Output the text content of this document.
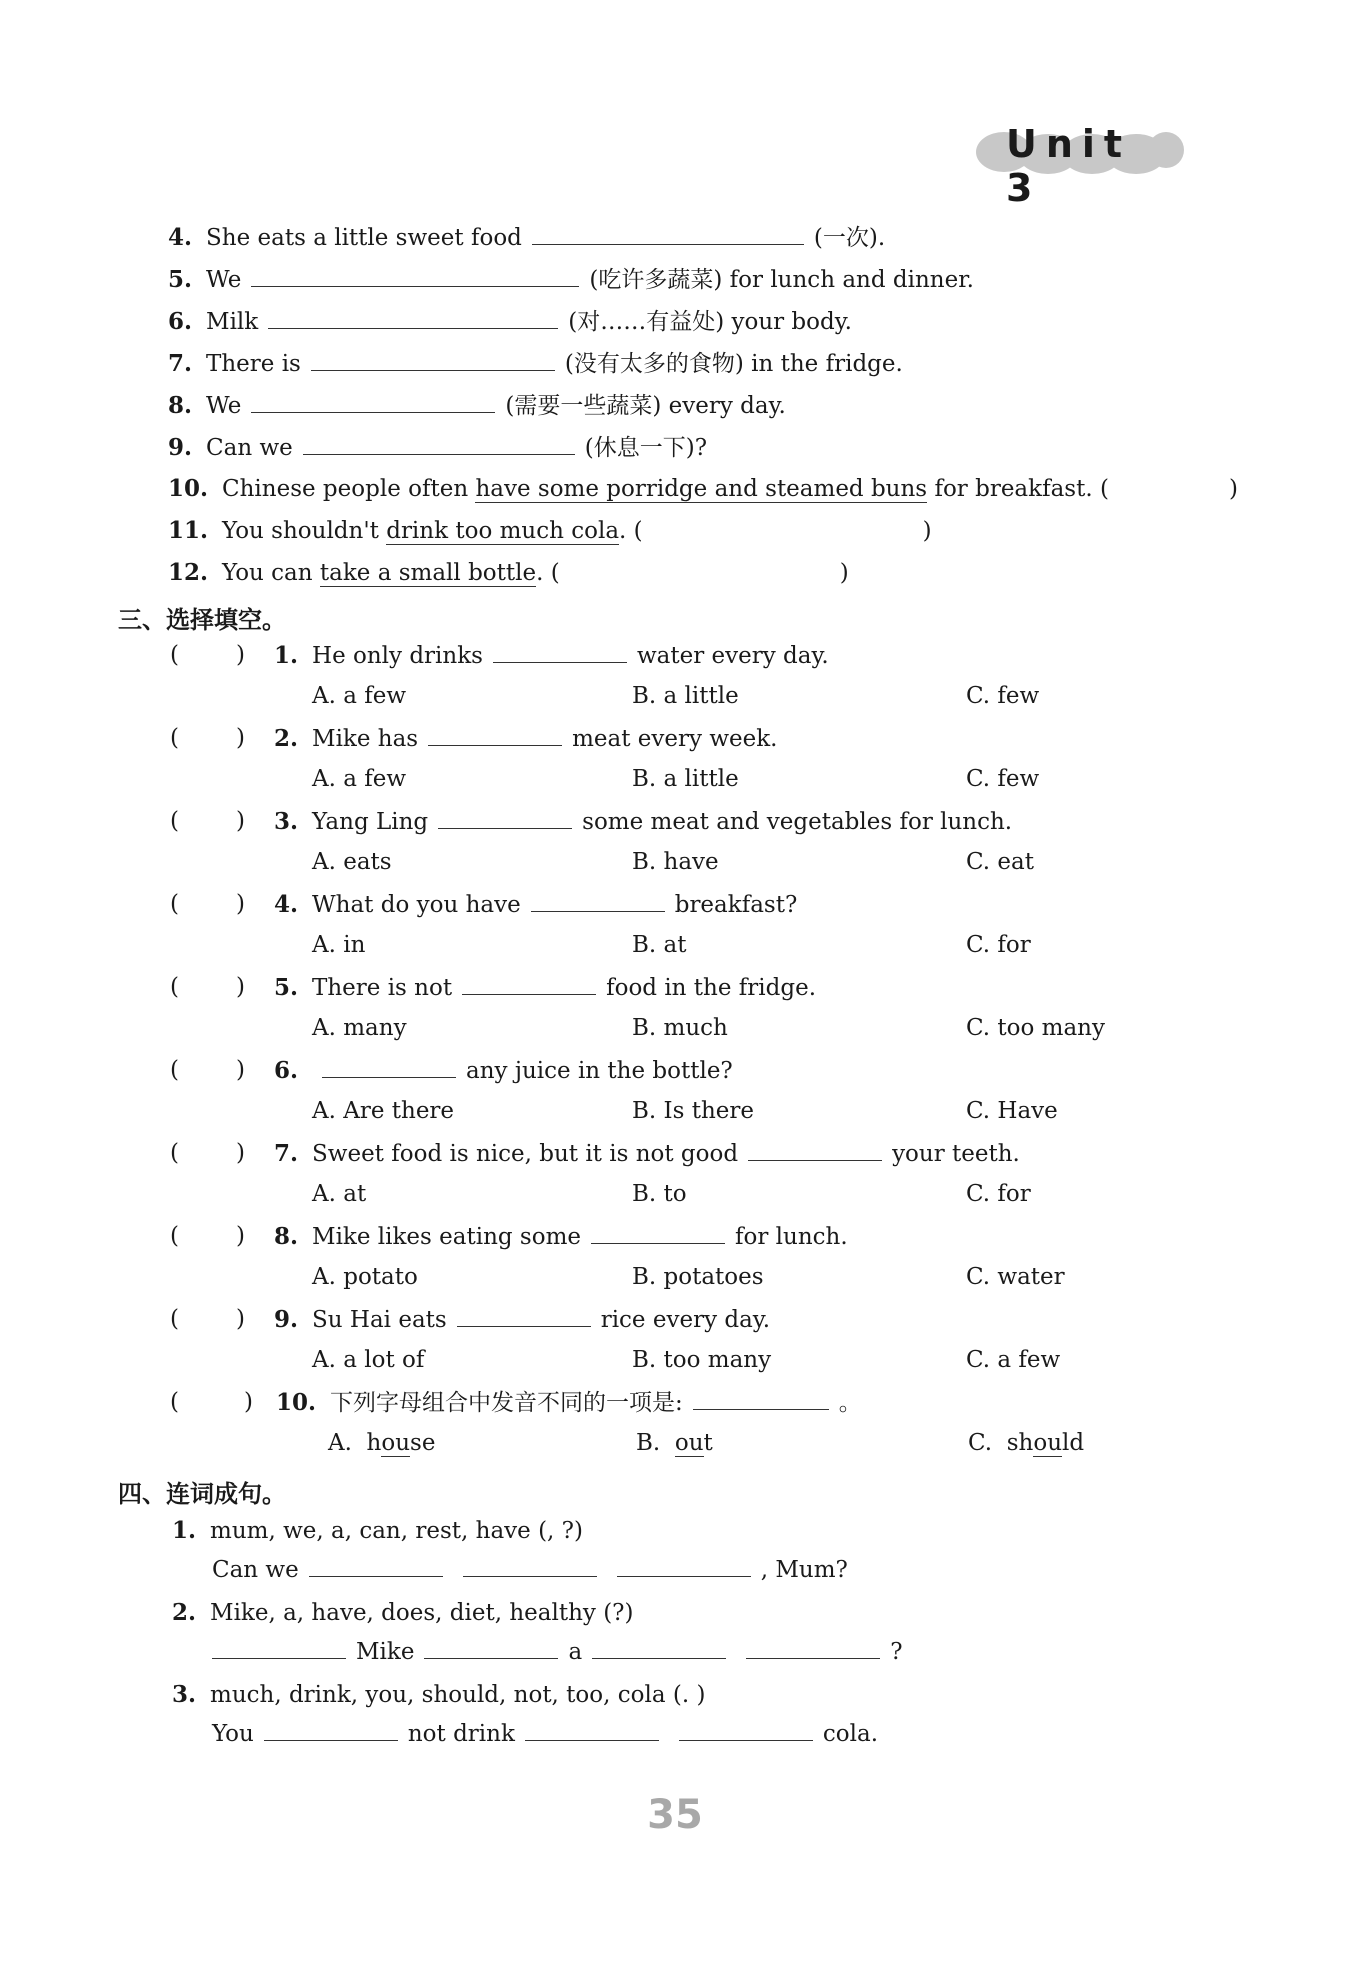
Unit 3
4. She eats a little sweet food	(一次).
5. We	(吃许多蔬菜) for lunch and dinner.
6. Milk	(对……有益处) your body.
7. There is	(没有太多的食物) in the fridge.
8. We	(需要一些蔬菜) every day.
9. Can we	(休息一下)?
10. Chinese people often have some porridge and steamed buns for breakfast. (	)
11. You shouldn't drink too much cola. (	)
12. You can take a small bottle. (	)
三、选择填空。
( ) 1. He only drinks	water every day.
A. a few	B. a little	C. few
( ) 2. Mike has	meat every week.
A. a few	B. a little	C. few
( ) 3. Yang Ling	some meat and vegetables for lunch.
A. eats	B. have	C. eat
( ) 4. What do you have	breakfast?
A. in	B. at	C. for
( ) 5. There is not	food in the fridge.
A. many	B. much	C. too many
( ) 6.	any juice in the bottle?
A. Are there	B. Is there	C. Have
( ) 7. Sweet food is nice, but it is not good	your teeth.
A. at	B. to	C. for
( ) 8. Mike likes eating some	for lunch.
A. potato	B. potatoes	C. water
( ) 9. Su Hai eats	rice every day.
A. a lot of	B. too many	C. a few
(	) 10. 下列字母组合中发音不同的一项是:	。
A. house	B. out	C. should
四、连词成句。
1. mum, we, a, can, rest, have (, ?)
Can we	, Mum?
2. Mike, a, have, does, diet, healthy (?)
Mike	a	?
3. much, drink, you, should, not, too, cola (. )
You	not drink	cola.
35
